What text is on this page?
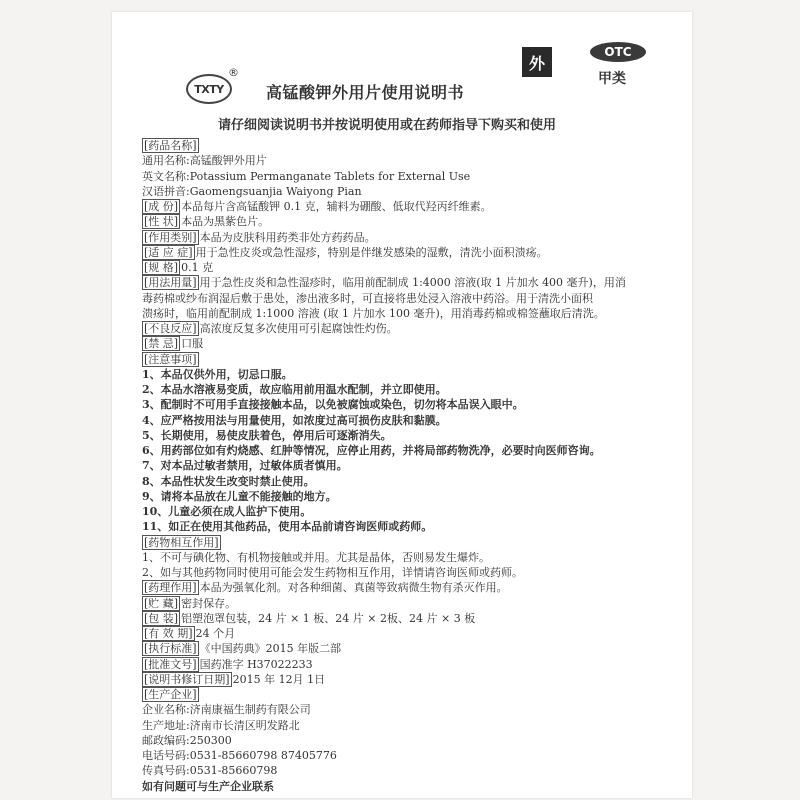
TXTY
®
高锰酸钾外用片使用说明书
外
OTC
甲类
请仔细阅读说明书并按说明使用或在药师指导下购买和使用
[药品名称]
通用名称:高锰酸钾外用片
英文名称:Potassium Permanganate Tablets for External Use
汉语拼音:Gaomengsuanjia Waiyong Pian
[成 份] 本品每片含高锰酸钾 0.1 克，辅料为硼酸、低取代羟丙纤维素。
[性 状] 本品为黑紫色片。
[作用类别] 本品为皮肤科用药类非处方药药品。
[适 应 症] 用于急性皮炎或急性湿疹，特别是伴继发感染的湿敷，清洗小面积溃疡。
[规 格] 0.1 克
[用法用量] 用于急性皮炎和急性湿疹时，临用前配制成 1:4000 溶液(取 1 片加水 400 毫升)，用消
毒药棉或纱布润湿后敷于患处，渗出液多时，可直接将患处浸入溶液中药浴。用于清洗小面积
溃疡时，临用前配制成 1:1000 溶液 (取 1 片加水 100 毫升)，用消毒药棉或棉签蘸取后清洗。
[不良反应] 高浓度反复多次使用可引起腐蚀性灼伤。
[禁 忌] 口服
[注意事项]
1、本品仅供外用，切忌口服。
2、本品水溶液易变质，故应临用前用温水配制，并立即使用。
3、配制时不可用手直接接触本品，以免被腐蚀或染色，切勿将本品误入眼中。
4、应严格按用法与用量使用，如浓度过高可损伤皮肤和黏膜。
5、长期使用，易使皮肤着色，停用后可逐渐消失。
6、用药部位如有灼烧感、红肿等情况，应停止用药，并将局部药物洗净，必要时向医师咨询。
7、对本品过敏者禁用，过敏体质者慎用。
8、本品性状发生改变时禁止使用。
9、请将本品放在儿童不能接触的地方。
10、儿童必须在成人监护下使用。
11、如正在使用其他药品，使用本品前请咨询医师或药师。
[药物相互作用]
1、不可与碘化物、有机物接触或并用。尤其是晶体，否则易发生爆炸。
2、如与其他药物同时使用可能会发生药物相互作用，详情请咨询医师或药师。
[药理作用] 本品为强氧化剂。对各种细菌、真菌等致病微生物有杀灭作用。
[贮 藏] 密封保存。
[包 装] 铝塑泡罩包装，24 片 × 1 板、24 片 × 2板、24 片 × 3 板
[有 效 期] 24 个月
[执行标准] 《中国药典》2015 年版二部
[批准文号] 国药准字 H37022233
[说明书修订日期] 2015 年 12月 1日
[生产企业]
企业名称:济南康福生制药有限公司
生产地址:济南市长清区明发路北
邮政编码:250300
电话号码:0531-85660798 87405776
传真号码:0531-85660798
如有问题可与生产企业联系
